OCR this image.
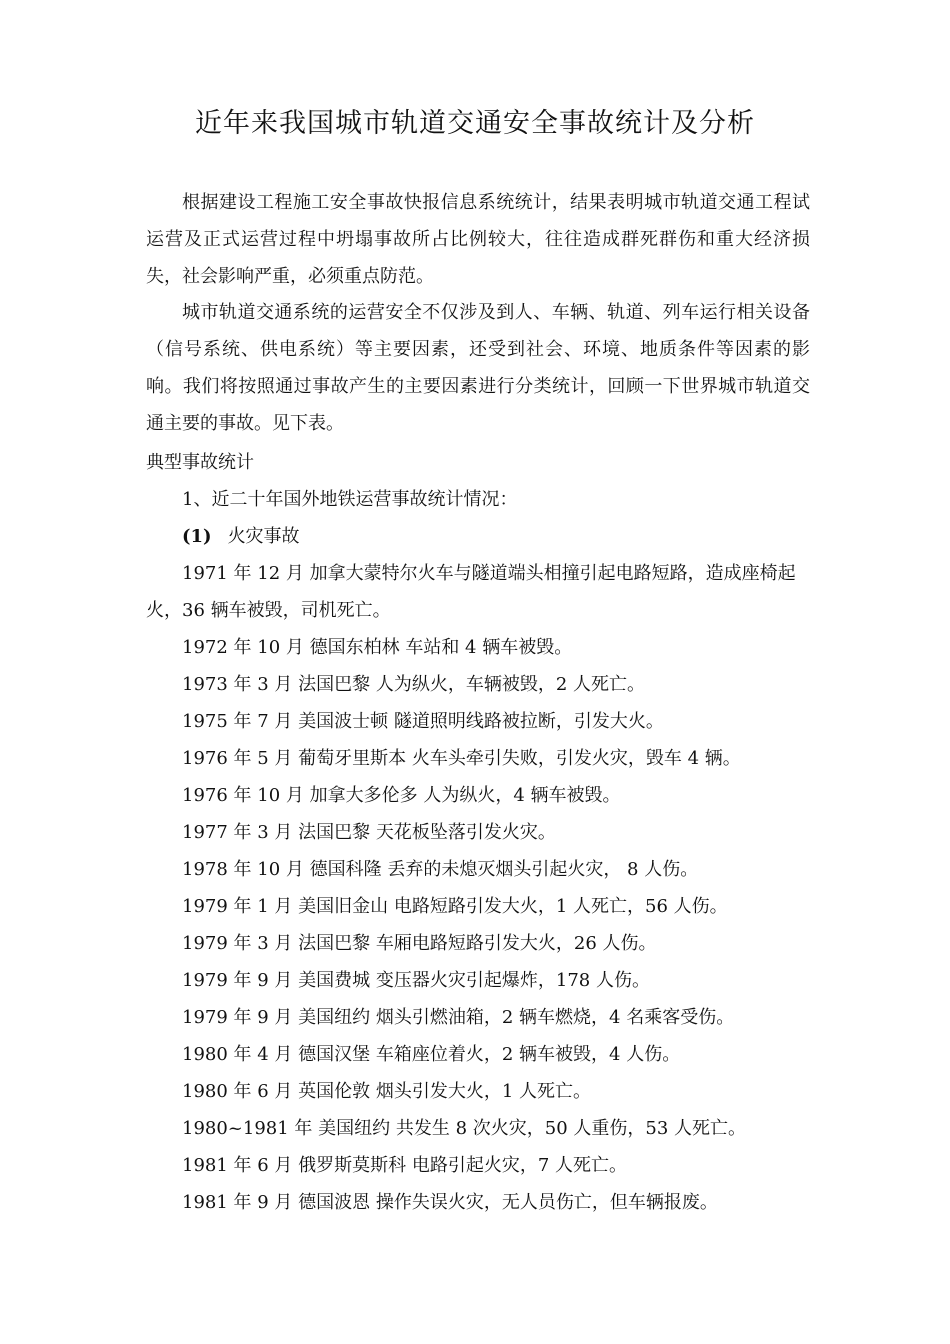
近年来我国城市轨道交通安全事故统计及分析

根据建设工程施工安全事故快报信息系统统计，结果表明城市轨道交通工程试运营及正式运营过程中坍塌事故所占比例较大，往往造成群死群伤和重大经济损失，社会影响严重，必须重点防范。

城市轨道交通系统的运营安全不仅涉及到人、车辆、轨道、列车运行相关设备（信号系统、供电系统）等主要因素，还受到社会、环境、地质条件等因素的影响。我们将按照通过事故产生的主要因素进行分类统计，回顾一下世界城市轨道交通主要的事故。见下表。

典型事故统计
1、近二十年国外地铁运营事故统计情况：
(1) 火灾事故

1971 年 12 月 加拿大蒙特尔火车与隧道端头相撞引起电路短路，造成座椅起火，36 辆车被毁，司机死亡。

1972 年 10 月 德国东柏林 车站和 4 辆车被毁。

1973 年 3 月 法国巴黎 人为纵火，车辆被毁，2 人死亡。

1975 年 7 月 美国波士顿 隧道照明线路被拉断，引发大火。

1976 年 5 月 葡萄牙里斯本 火车头牵引失败，引发火灾，毁车 4 辆。

1976 年 10 月 加拿大多伦多 人为纵火，4 辆车被毁。

1977 年 3 月 法国巴黎 天花板坠落引发火灾。

1978 年 10 月 德国科隆 丢弃的未熄灭烟头引起火灾， 8 人伤。

1979 年 1 月 美国旧金山 电路短路引发大火，1 人死亡，56 人伤。

1979 年 3 月 法国巴黎 车厢电路短路引发大火，26 人伤。

1979 年 9 月 美国费城 变压器火灾引起爆炸，178 人伤。

1979 年 9 月 美国纽约 烟头引燃油箱，2 辆车燃烧，4 名乘客受伤。

1980 年 4 月 德国汉堡 车箱座位着火，2 辆车被毁，4 人伤。

1980 年 6 月 英国伦敦 烟头引发大火，1 人死亡。

1980~1981 年 美国纽约 共发生 8 次火灾，50 人重伤，53 人死亡。

1981 年 6 月 俄罗斯莫斯科 电路引起火灾，7 人死亡。

1981 年 9 月 德国波恩 操作失误火灾，无人员伤亡，但车辆报废。
